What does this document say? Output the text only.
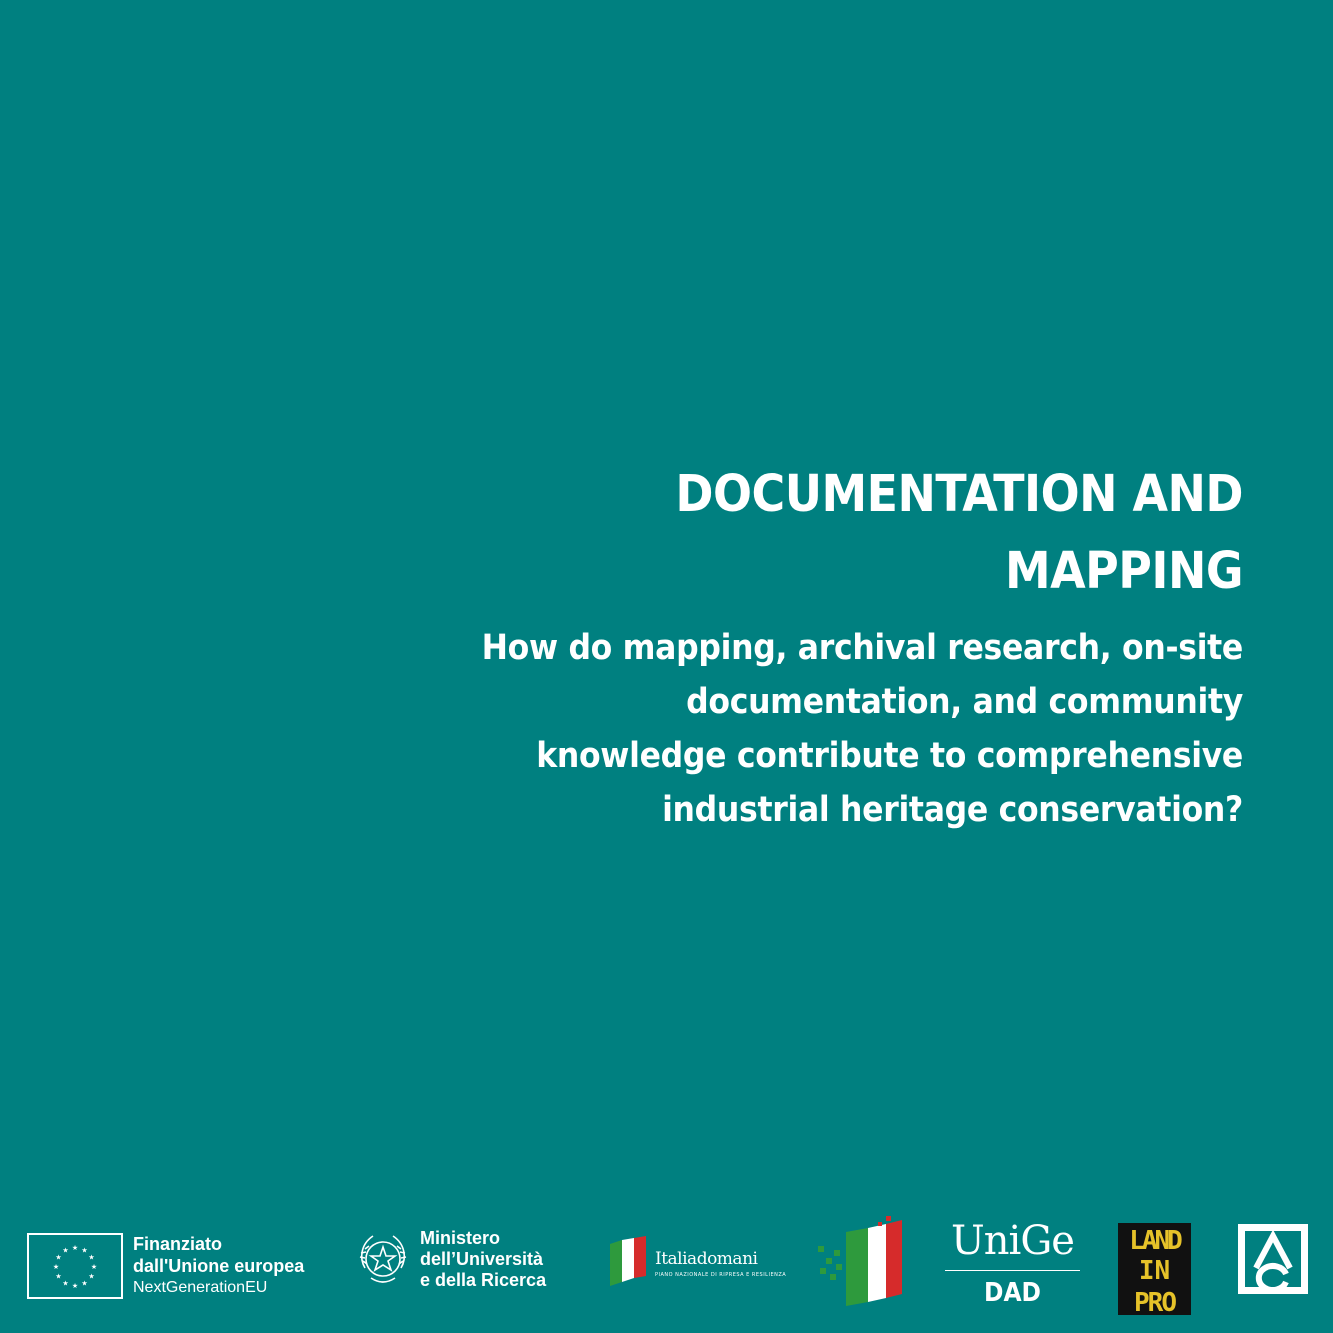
DOCUMENTATION AND
MAPPING

How do mapping, archival research, on-site
documentation, and community
knowledge contribute to comprehensive
industrial heritage conservation?

★ ★
★
★
★
★
★
★
★
★
★
★	Finanziato
dall'Unione europea
NextGenerationEU
Ministero
dell’Università
e della Ricerca
Italiadomani
PIANO NAZIONALE DI RIPRESA E RESILIENZA
UniGe
DAD
LAND
IN
PRO
